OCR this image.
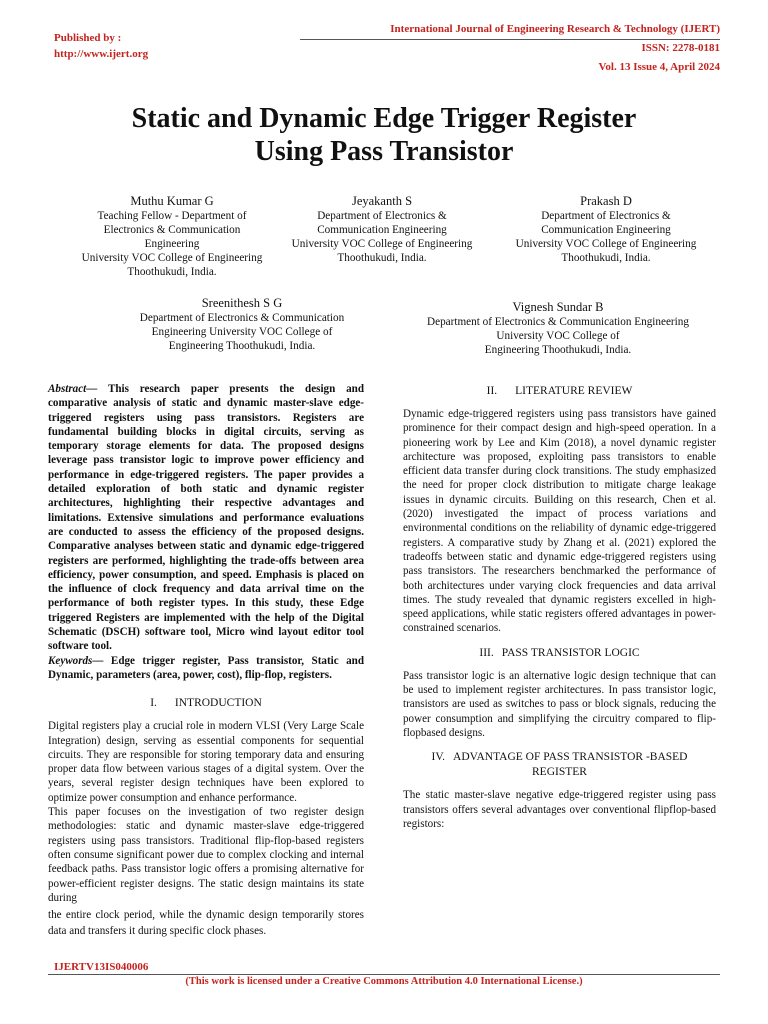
Published by :
http://www.ijert.org
International Journal of Engineering Research & Technology (IJERT)
ISSN: 2278-0181
Vol. 13 Issue 4, April 2024
Static and Dynamic Edge Trigger Register
Using Pass Transistor
Muthu Kumar G
Teaching Fellow - Department of
Electronics & Communication
Engineering
University VOC College of Engineering
Thoothukudi, India.
Jeyakanth S
Department of Electronics &
Communication Engineering
University VOC College of Engineering
Thoothukudi, India.
Prakash D
Department of Electronics &
Communication Engineering
University VOC College of Engineering
Thoothukudi, India.
Sreenithesh S G
Department of Electronics & Communication
Engineering University VOC College of
Engineering Thoothukudi, India.
Vignesh Sundar B
Department of Electronics & Communication Engineering
University VOC College of
Engineering Thoothukudi, India.

Abstract— This research paper presents the design and comparative analysis of static and dynamic master-slave edge-triggered registers using pass transistors. Registers are fundamental building blocks in digital circuits, serving as temporary storage elements for data. The proposed designs leverage pass transistor logic to improve power efficiency and performance in edge-triggered registers. The paper provides a detailed exploration of both static and dynamic register architectures, highlighting their respective advantages and limitations. Extensive simulations and performance evaluations are conducted to assess the efficiency of the proposed designs. Comparative analyses between static and dynamic edge-triggered registers are performed, highlighting the trade-offs between area efficiency, power consumption, and speed. Emphasis is placed on the influence of clock frequency and data arrival time on the performance of both register types. In this study, these Edge triggered Registers are implemented with the help of the Digital Schematic (DSCH) software tool, Micro wind layout editor tool software tool.

Keywords— Edge trigger register, Pass transistor, Static and Dynamic, parameters (area, power, cost), flip-flop, registers.

I. INTRODUCTION

Digital registers play a crucial role in modern VLSI (Very Large Scale Integration) design, serving as essential components for sequential circuits. They are responsible for storing temporary data and ensuring proper data flow between various stages of a digital system. Over the years, several register design techniques have been explored to optimize power consumption and enhance performance.

This paper focuses on the investigation of two register design methodologies: static and dynamic master-slave edge-triggered registers using pass transistors. Traditional flip-flop-based registers often consume significant power due to complex clocking and internal feedback paths. Pass transistor logic offers a promising alternative for power-efficient register designs. The static design maintains its state during

the entire clock period, while the dynamic design temporarily stores data and transfers it during specific clock phases.

II. LITERATURE REVIEW

Dynamic edge-triggered registers using pass transistors have gained prominence for their compact design and high-speed operation. In a pioneering work by Lee and Kim (2018), a novel dynamic register architecture was proposed, exploiting pass transistors to enable efficient data transfer during clock transitions. The study emphasized the need for proper clock distribution to mitigate charge leakage issues in dynamic circuits. Building on this research, Chen et al. (2020) investigated the impact of process variations and environmental conditions on the reliability of dynamic edge-triggered registers. A comparative study by Zhang et al. (2021) explored the tradeoffs between static and dynamic edge-triggered registers using pass transistors. The researchers benchmarked the performance of both architectures under varying clock frequencies and data arrival times. The study revealed that dynamic registers excelled in high-speed applications, while static registers offered advantages in power-constrained scenarios.

III. PASS TRANSISTOR LOGIC

Pass transistor logic is an alternative logic design technique that can be used to implement register architectures. In pass transistor logic, transistors are used as switches to pass or block signals, reducing the power consumption and simplifying the circuitry compared to flip-flopbased designs.

IV. ADVANTAGE OF PASS TRANSISTOR -BASED REGISTER

The static master-slave negative edge-triggered register using pass transistors offers several advantages over conventional flipflop-based registors:

IJERTV13IS040006
(This work is licensed under a Creative Commons Attribution 4.0 International License.)
